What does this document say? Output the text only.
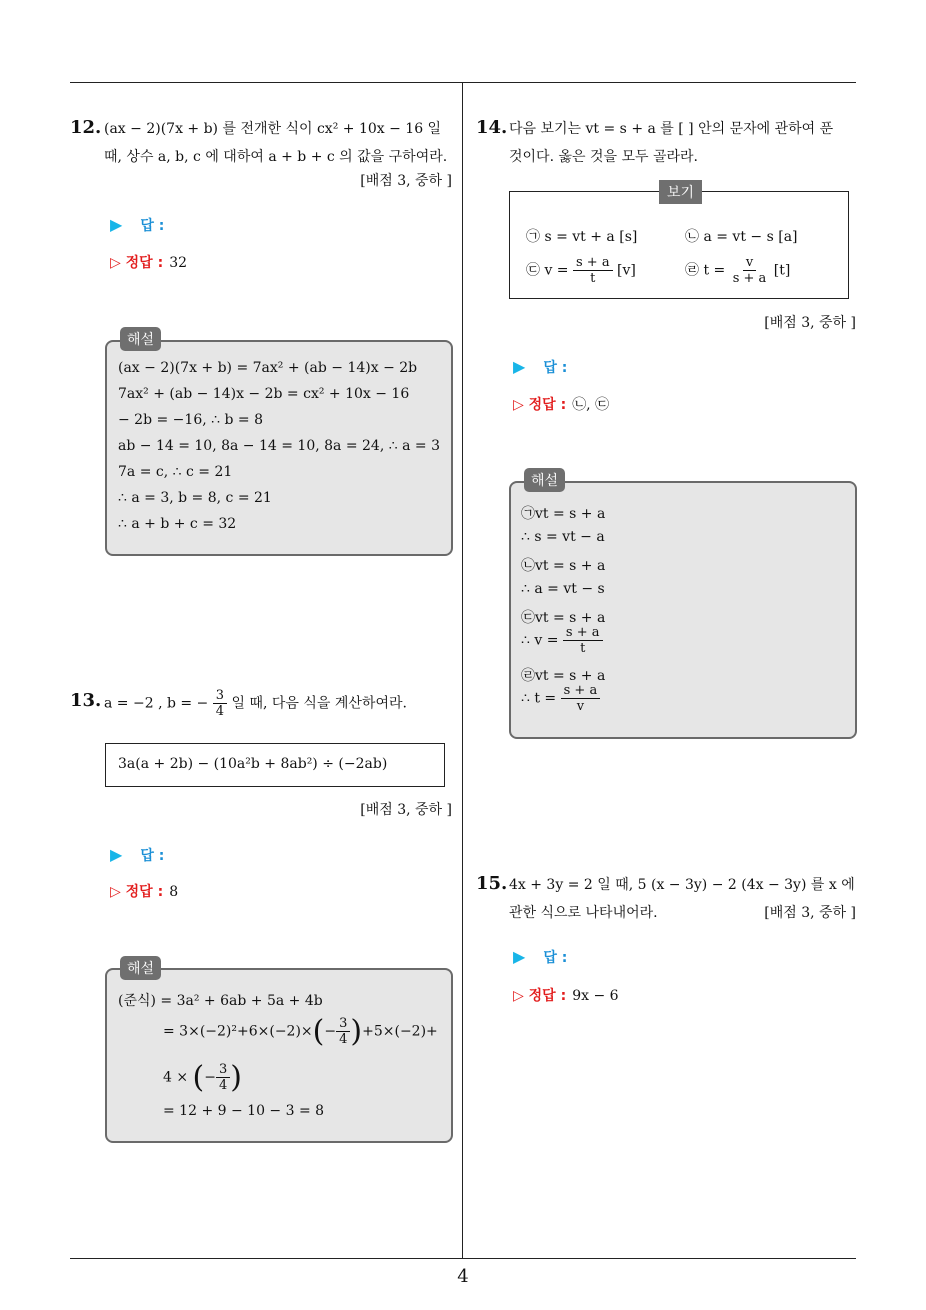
4
12. (ax − 2)(7x + b) 를 전개한 식이 cx² + 10x − 16 일
때, 상수 a, b, c 에 대하여 a + b + c 의 값을 구하여라.
[배점 3, 중하 ]
▶ 답 :
▷ 정답 : 32
해설
(ax − 2)(7x + b) = 7ax² + (ab − 14)x − 2b
7ax² + (ab − 14)x − 2b = cx² + 10x − 16
− 2b = −16, ∴ b = 8
ab − 14 = 10, 8a − 14 = 10, 8a = 24, ∴ a = 3
7a = c, ∴ c = 21
∴ a = 3, b = 8, c = 21
∴ a + b + c = 32
13. a = −2 , b = − $\frac{3}{4}$ 일 때, 다음 식을 계산하여라.
3a(a + 2b) − (10a²b + 8ab²) ÷ (−2ab)
[배점 3, 중하 ]
▶ 답 :
▷ 정답 : 8
해설
(준식) = 3a² + 6ab + 5a + 4b
= $3\times(-2)^2+6\times(-2)\times(- \frac{3}{4} )+5\times(-2)+$
4 × (− $\frac{3}{4}$ )
= 12 + 9 − 10 − 3 = 8
14. 다음 보기는 vt = s + a 를 [ ] 안의 문자에 관하여 푼
것이다. 옳은 것을 모두 골라라.
보기
㉠ s = vt + a [s]	㉡ a = vt − s [a]
㉢ $v = \frac{s + a}{t} [v]$	㉣ $t = \frac{v}{s + a} [t]$
[배점 3, 중하 ]
▶ 답 :
▷ 정답 : ㉡, ㉢
해설
㉠vt = s + a
∴ s = vt − a
㉡vt = s + a
∴ a = vt − s
㉢vt = s + a
∴ $v = \frac{s + a}{t}$
㉣vt = s + a
∴ $t = \frac{s + a}{v}$
15. 4x + 3y = 2 일 때, 5 (x − 3y) − 2 (4x − 3y) 를 x 에
관한 식으로 나타내어라.	[배점 3, 중하 ]
▶ 답 :
▷ 정답 : 9x − 6
